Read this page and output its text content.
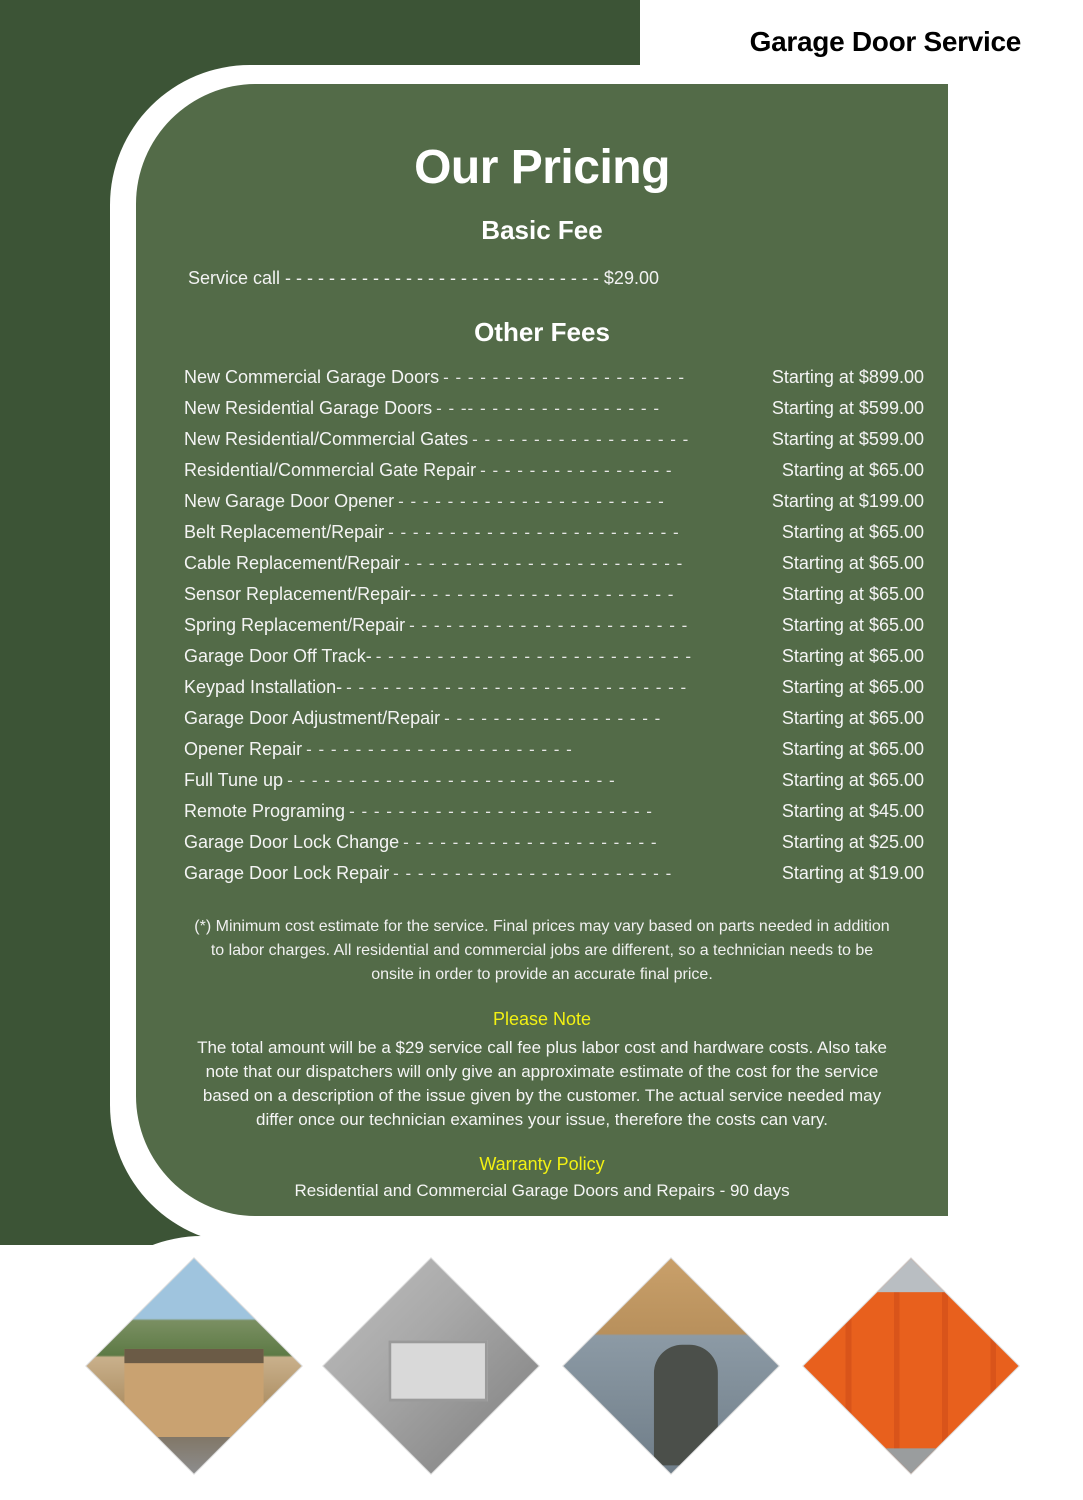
Garage Door Service
Our Pricing
Basic Fee
Service call - - - - - - - - - - - - - - - - - - - - - - - - - - - - - $29.00
Other Fees
New Commercial Garage Doors - - - - - - - - - - - - - - - - - - - -	Starting at $899.00
New Residential Garage Doors - - -- - - - - - - - - - - - - - - -	Starting at $599.00
New Residential/Commercial Gates - - - - - - - - - - - - - - - - - -	Starting at $599.00
Residential/Commercial Gate Repair - - - - - - - - - - - - - - - -	Starting at $65.00
New Garage Door Opener - - - - - - - - - - - - - - - - - - - - - -	Starting at $199.00
Belt Replacement/Repair - - - - - - - - - - - - - - - - - - - - - - - -	Starting at $65.00
Cable Replacement/Repair - - - - - - - - - - - - - - - - - - - - - - -	Starting at $65.00
Sensor Replacement/Repair- - - - - - - - - - - - - - - - - - - - - -	Starting at $65.00
Spring Replacement/Repair - - - - - - - - - - - - - - - - - - - - - - -	Starting at $65.00
Garage Door Off Track- - - - - - - - - - - - - - - - - - - - - - - - - - -	Starting at $65.00
Keypad Installation- - - - - - - - - - - - - - - - - - - - - - - - - - - - -	Starting at $65.00
Garage Door Adjustment/Repair - - - - - - - - - - - - - - - - - -	Starting at $65.00
Opener Repair - - - - - - - - - - - - - - - - - - - - - -	Starting at $65.00
Full Tune up - - - - - - - - - - - - - - - - - - - - - - - - - - -	Starting at $65.00
Remote Programing - - - - - - - - - - - - - - - - - - - - - - - - -	Starting at $45.00
Garage Door Lock Change - - - - - - - - - - - - - - - - - - - - -	Starting at $25.00
Garage Door Lock Repair - - - - - - - - - - - - - - - - - - - - - - -	Starting at $19.00
(*) Minimum cost estimate for the service. Final prices may vary based on parts needed in addition to labor charges. All residential and commercial jobs are different, so a technician needs to be onsite in order to provide an accurate final price.
Please Note
The total amount will be a $29 service call fee plus labor cost and hardware costs. Also take note that our dispatchers will only give an approximate estimate of the cost for the service based on a description of the issue given by the customer. The actual service needed may differ once our technician examines your issue, therefore the costs can vary.
Warranty Policy
Residential and Commercial Garage Doors and Repairs - 90 days
